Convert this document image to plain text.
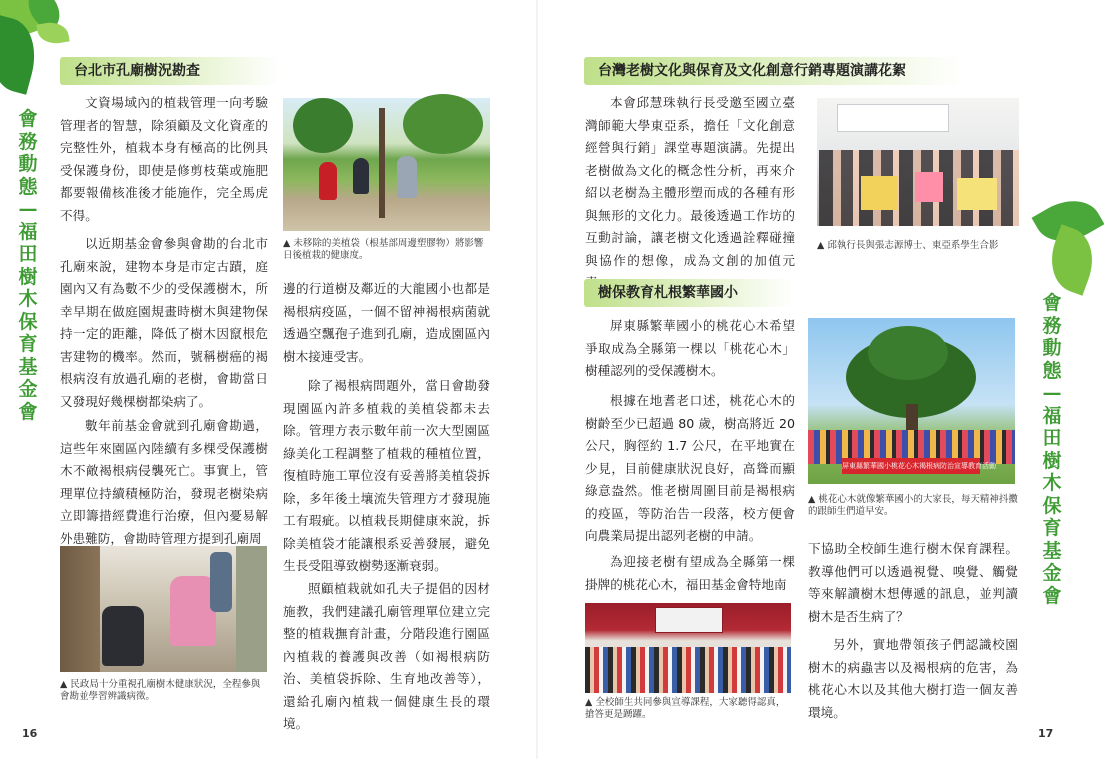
會務動態—福田樹木保育基金會
台北市孔廟樹況勘查

文資場域內的植栽管理一向考驗管理者的智慧，除須顧及文化資產的完整性外，植栽本身有極高的比例具受保護身份，即使是修剪枝葉或施肥都要報備核准後才能施作，完全馬虎不得。

以近期基金會參與會勘的台北市孔廟來說，建物本身是市定古蹟，庭園內又有為數不少的受保護樹木，所幸早期在做庭園規畫時樹木與建物保持一定的距離，降低了樹木因竄根危害建物的機率。然而，號稱樹癌的褐根病沒有放過孔廟的老樹，會勘當日又發現好幾棵樹都染病了。

數年前基金會就到孔廟會勘過，這些年來園區內陸續有多棵受保護樹木不敵褐根病侵襲死亡。事實上，管理單位持續積極防治，發現老樹染病立即籌措經費進行治療，但內憂易解外患難防，會勘時管理方提到孔廟周

▲ 未移除的美植袋（根基部周邊塑膠物）將影響日後植栽的健康度。

邊的行道樹及鄰近的大龍國小也都是褐根病疫區，一個不留神褐根病菌就透過空飄孢子進到孔廟，造成園區內樹木接連受害。

除了褐根病問題外，當日會勘發現園區內許多植栽的美植袋都未去除。管理方表示數年前一次大型園區綠美化工程調整了植栽的種植位置，復植時施工單位沒有妥善將美植袋拆除，多年後土壤流失管理方才發現施工有瑕疵。以植栽長期健康來說，拆除美植袋才能讓根系妥善發展，避免生長受阻導致樹勢逐漸衰弱。

照顧植栽就如孔夫子提倡的因材施教，我們建議孔廟管理單位建立完整的植栽撫育計畫，分階段進行園區內植栽的養護與改善（如褐根病防治、美植袋拆除、生育地改善等），還給孔廟內植栽一個健康生長的環境。

▲ 民政局十分重視孔廟樹木健康狀況，全程參與會勘並學習辨識病徵。

16
台灣老樹文化與保育及文化創意行銷專題演講花絮

本會邱慧珠執行長受邀至國立臺灣師範大學東亞系，擔任「文化創意經營與行銷」課堂專題演講。先提出老樹做為文化的概念性分析，再來介紹以老樹為主體形塑而成的各種有形與無形的文化力。最後透過工作坊的互動討論，讓老樹文化透過詮釋碰撞與協作的想像，成為文創的加值元

▲ 邱執行長與張志源博士、東亞系學生合影

樹保教育札根繁華國小

屏東縣繁華國小的桃花心木希望爭取成為全縣第一棵以「桃花心木」樹種認列的受保護樹木。

根據在地耆老口述，桃花心木的樹齡至少已超過 80 歲，樹高將近 20 公尺，胸徑約 1.7 公尺，在平地實在少見，目前健康狀況良好，高聳而顯綠意盎然。惟老樹周圍目前是褐根病的疫區，等防治告一段落，校方便會向農業局提出認列老樹的申請。

為迎接老樹有望成為全縣第一棵掛牌的桃花心木，福田基金會特地南

屏東縣繁華國小桃花心木褐根病防治宣導教育活動

▲ 桃花心木就像繁華國小的大家長，每天精神抖擻的跟師生們道早安。

下協助全校師生進行樹木保育課程。教導他們可以透過視覺、嗅覺、觸覺等來解讀樹木想傳遞的訊息，並判讀樹木是否生病了？

另外，實地帶領孩子們認識校園樹木的病蟲害以及褐根病的危害，為桃花心木以及其他大樹打造一個友善環境。

▲ 全校師生共同參與宣導課程，大家聽得認真，搶答更是踴躍。

會務動態—福田樹木保育基金會
17
